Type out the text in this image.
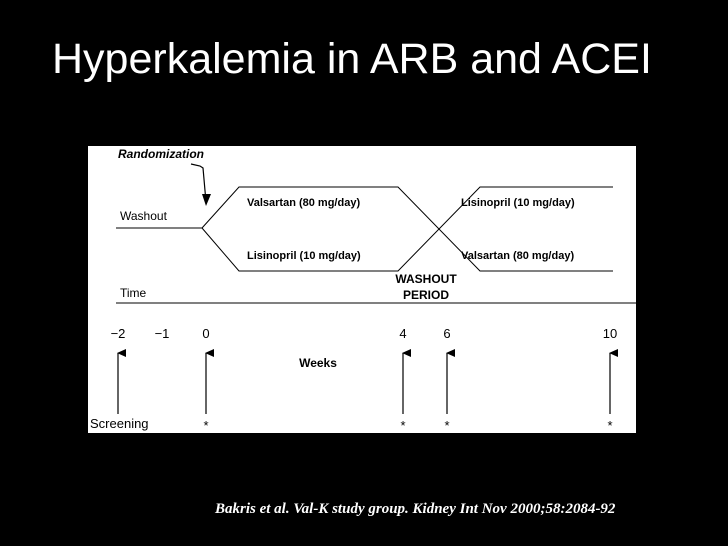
Hyperkalemia in ARB and ACEI
Randomization
Washout
Valsartan (80 mg/day)
Lisinopril (10 mg/day)
Lisinopril (10 mg/day)
Valsartan (80 mg/day)
WASHOUT
PERIOD
Time
−2 −1	0	4	6	10
Weeks
Screening	*	*	*	*
Bakris et al. Val-K study group. Kidney Int Nov 2000;58:2084-92
